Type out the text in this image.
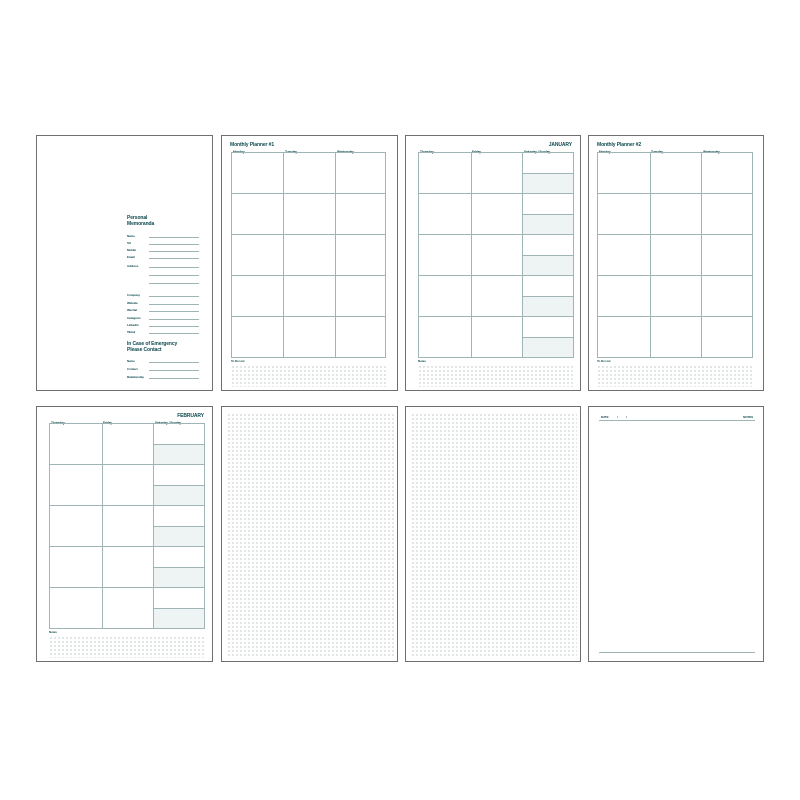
Personal
Memoranda
Name
Tel
Mobile
Email
Address
Company
Website
Wechat
Instagram
Linkedin
Tiktok
In Case of Emergency
Please Contact
Name
Contact
Relationship
Monthly Planner #1
Monday	Tuesday	Wednesday
To Do List
JANUARY
Thursday	Friday	Saturday / Sunday
Notes
Monthly Planner #2
Monday	Tuesday	Wednesday
To Do List
FEBRUARY
Thursday	Friday	Saturday / Sunday
Notes
DATE	/	/	NOTES
